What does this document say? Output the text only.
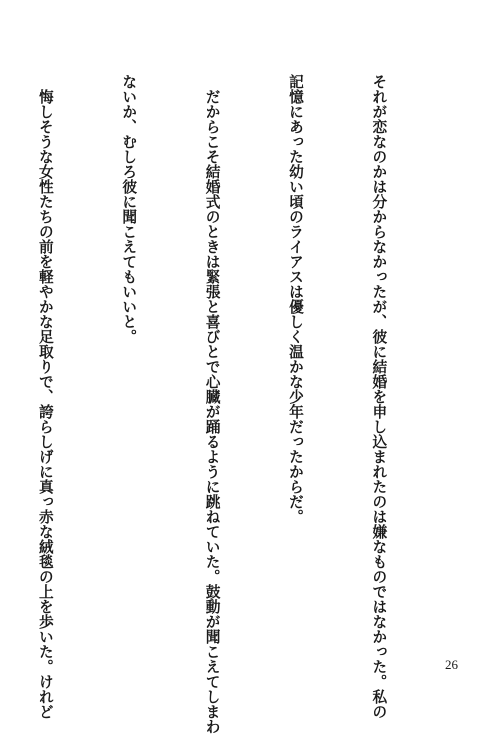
それが恋なのかは分からなかったが、彼に結婚を申し込まれたのは嫌なものではなかった。私の

記憶にあった幼い頃のライアスは優しく温かな少年だったからだ。

　だからこそ結婚式のときは緊張と喜びとで心臓が踊るように跳ねていた。鼓動が聞こえてしまわ

ないか、むしろ彼に聞こえてもいいと。

　悔しそうな女性たちの前を軽やかな足取りで、誇らしげに真っ赤な絨毯の上を歩いた。けれど

	26
